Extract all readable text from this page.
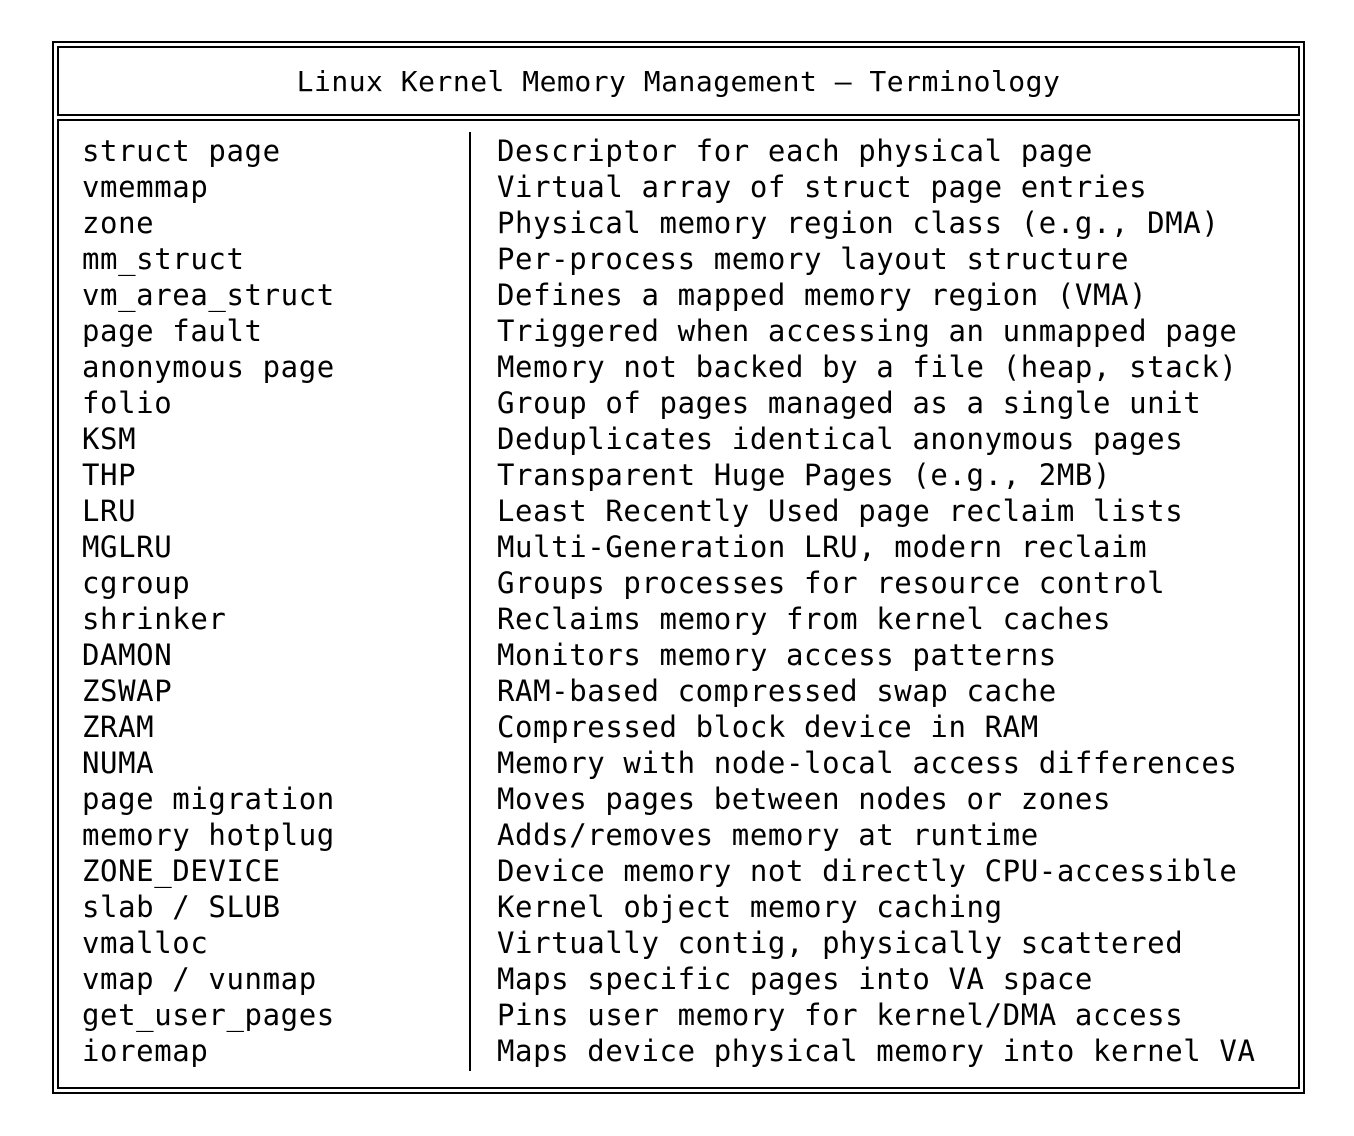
Linux Kernel Memory Management – Terminology
struct page	Descriptor for each physical page
vmemmap	Virtual array of struct page entries
zone	Physical memory region class (e.g., DMA)
mm_struct	Per-process memory layout structure
vm_area_struct	Defines a mapped memory region (VMA)
page fault	Triggered when accessing an unmapped page
anonymous page	Memory not backed by a file (heap, stack)
folio	Group of pages managed as a single unit
KSM	Deduplicates identical anonymous pages
THP	Transparent Huge Pages (e.g., 2MB)
LRU	Least Recently Used page reclaim lists
MGLRU	Multi-Generation LRU, modern reclaim
cgroup	Groups processes for resource control
shrinker	Reclaims memory from kernel caches
DAMON	Monitors memory access patterns
ZSWAP	RAM-based compressed swap cache
ZRAM	Compressed block device in RAM
NUMA	Memory with node-local access differences
page migration	Moves pages between nodes or zones
memory hotplug	Adds/removes memory at runtime
ZONE_DEVICE	Device memory not directly CPU-accessible
slab / SLUB	Kernel object memory caching
vmalloc	Virtually contig, physically scattered
vmap / vunmap	Maps specific pages into VA space
get_user_pages	Pins user memory for kernel/DMA access
ioremap	Maps device physical memory into kernel VA
